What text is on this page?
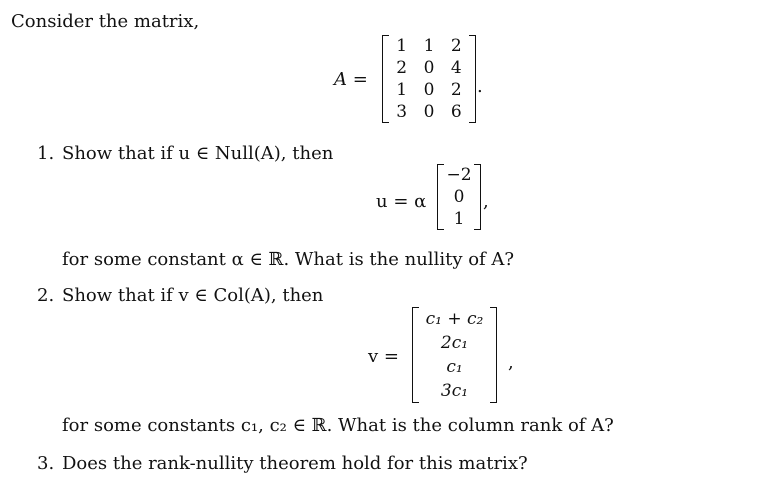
Consider the matrix,
A =
1 1 2
2 0 4
1 0 2
3 0 6
.
1. Show that if u ∈ Null(A), then
u = α
−2
0
1
,
for some constant α ∈ ℝ. What is the nullity of A?
2. Show that if v ∈ Col(A), then
v =
c₁ + c₂
2c₁
c₁
3c₁
,
for some constants c₁, c₂ ∈ ℝ. What is the column rank of A?
3. Does the rank-nullity theorem hold for this matrix?
